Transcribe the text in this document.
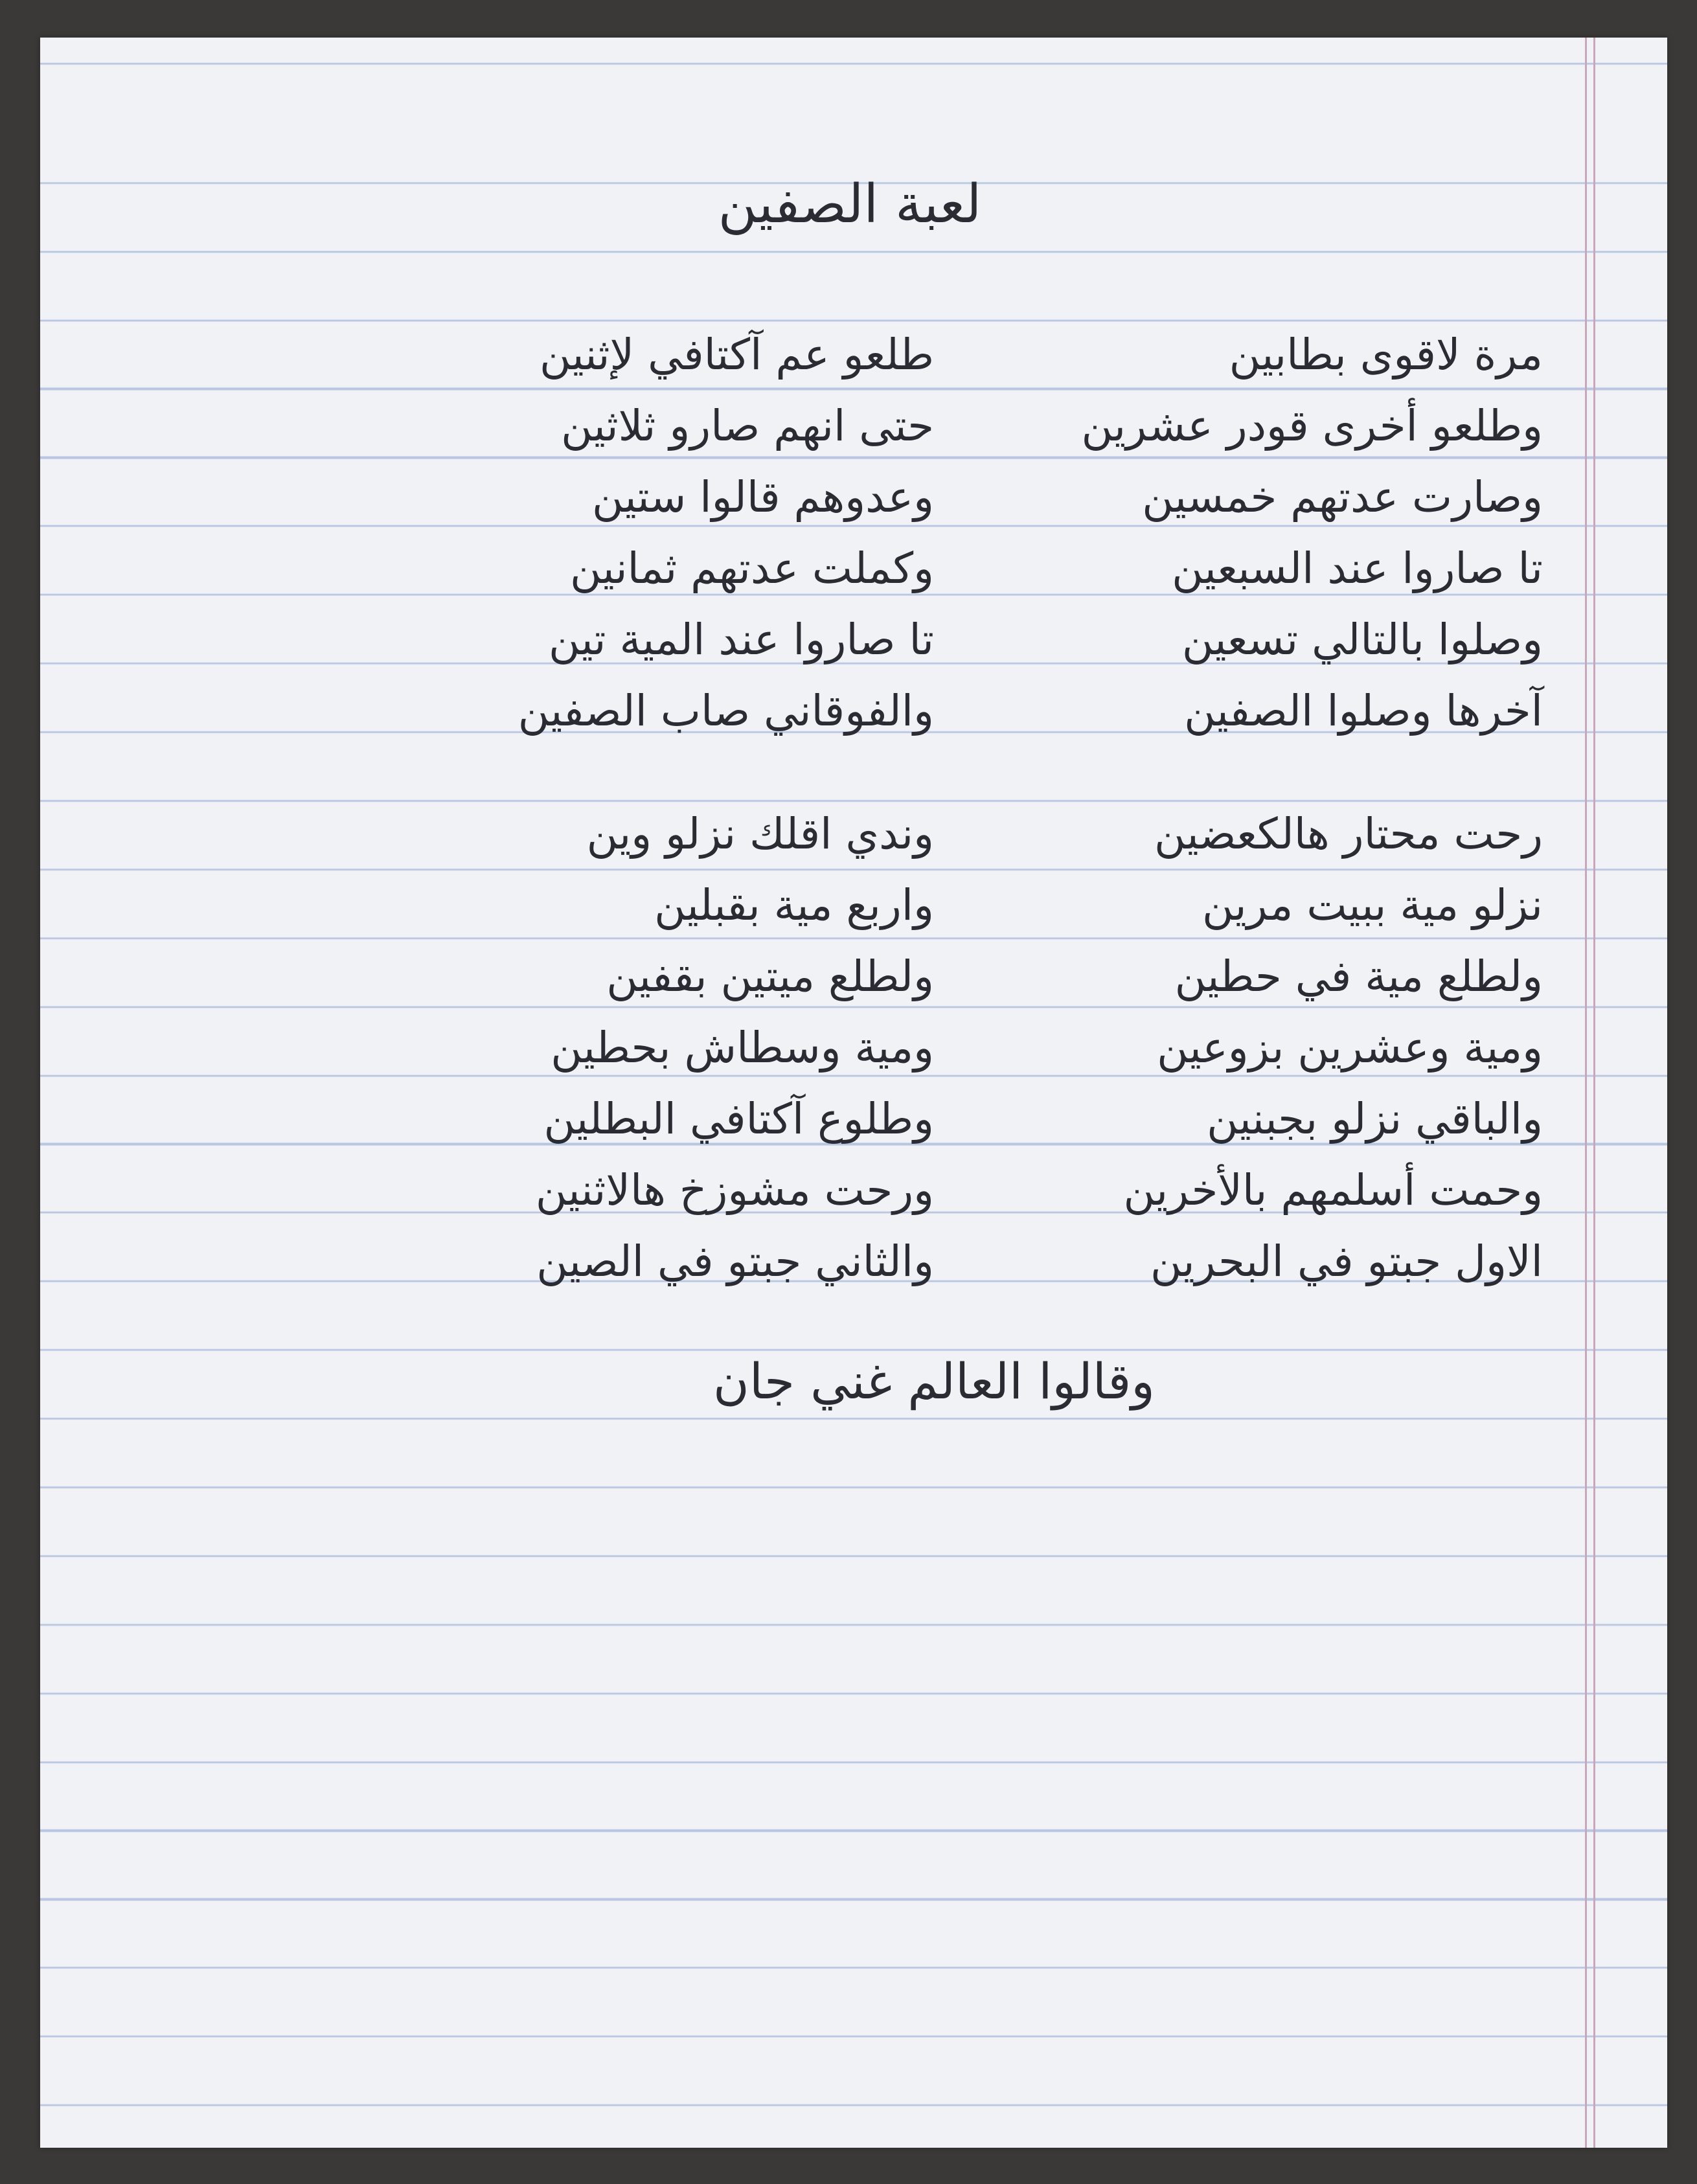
لعبة الصفين
مرة لاقوى بطابين
وطلعو أخرى قودر عشرين
وصارت عدتهم خمسين
تا صاروا عند السبعين
وصلوا بالتالي تسعين
آخرها وصلوا الصفين
رحت محتار هالكعضين
نزلو مية ببيت مرين
ولطلع مية في حطين
ومية وعشرين بزوعين
والباقي نزلو بجبنين
وحمت أسلمهم بالأخرين
الاول جبتو في البحرين
طلعو عم آكتافي لإثنين
حتى انهم صارو ثلاثين
وعدوهم قالوا ستين
وكملت عدتهم ثمانين
تا صاروا عند المية تين
والفوقاني صاب الصفين
وندي اقلك نزلو وين
واربع مية بقبلين
ولطلع ميتين بقفين
ومية وسطاش بحطين
وطلوع آكتافي البطلين
ورحت مشوزخ هالاثنين
والثاني جبتو في الصين
وقالوا العالم غني جان
